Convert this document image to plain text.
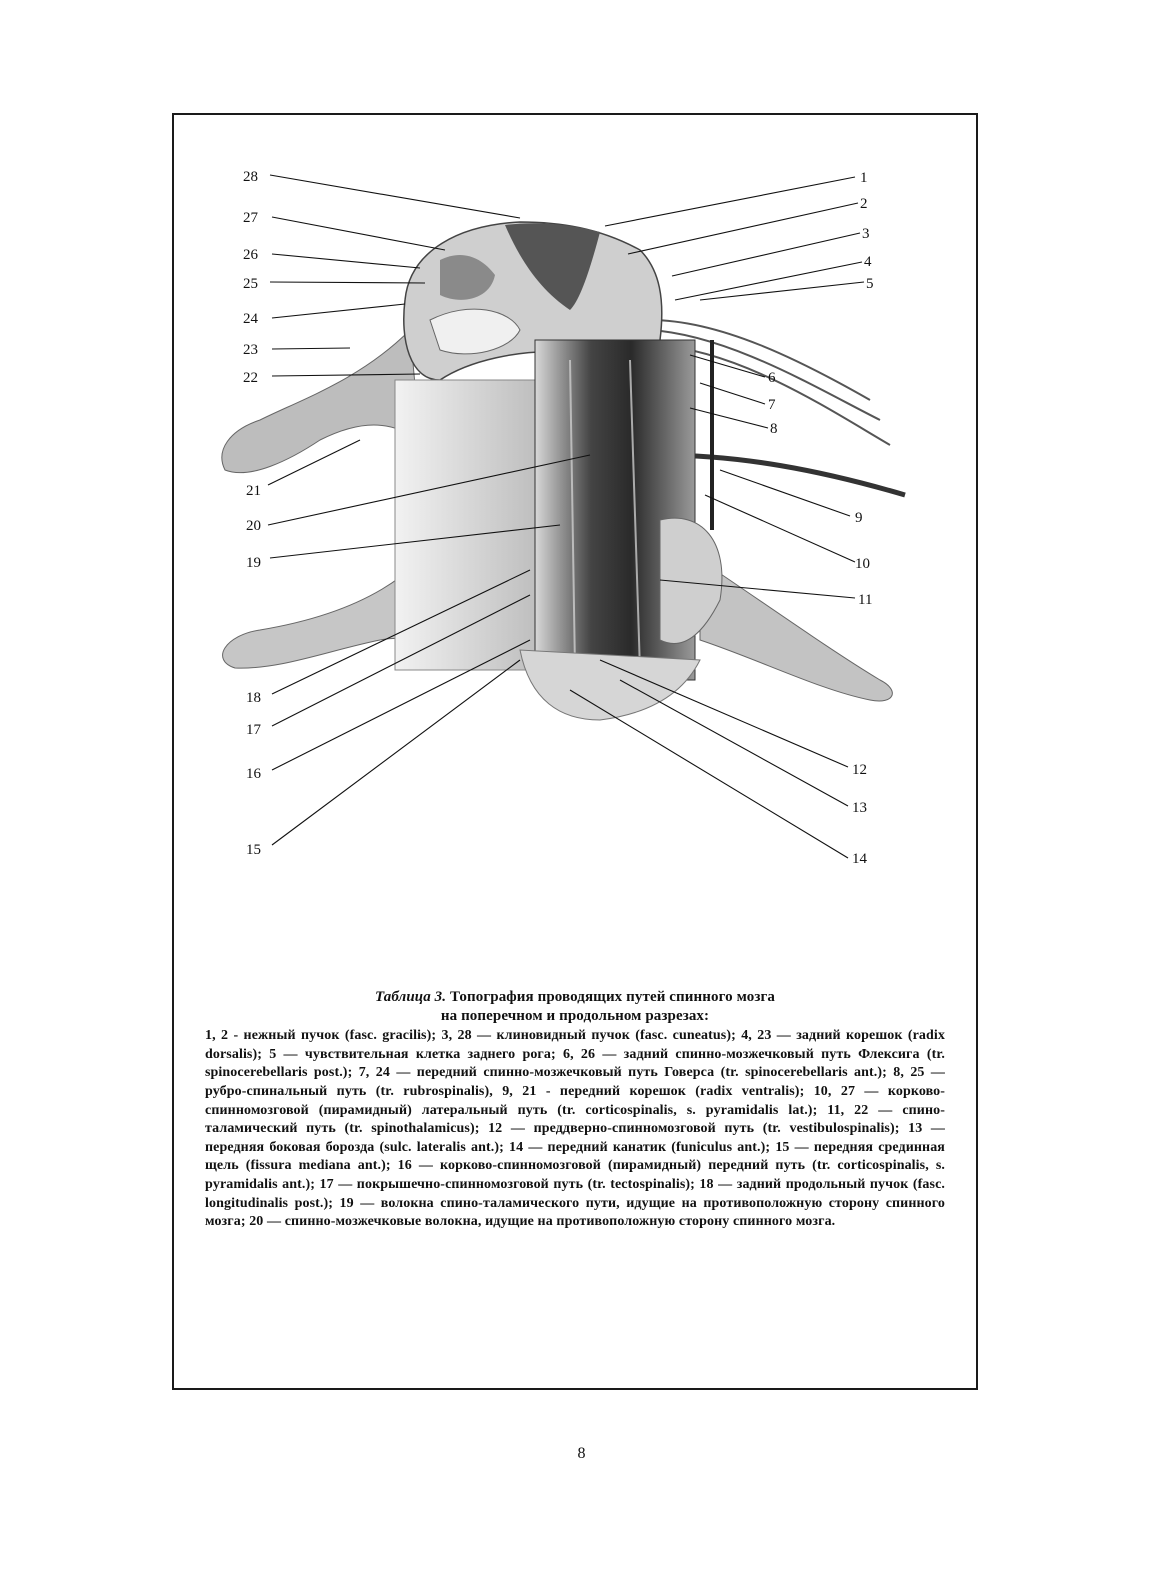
28
27
26
25
24
23
22
21
20
19
18
17
16
15
1
2
3
4
5
6
7
8
9
10
11
12
13
14
Таблица 3. Топография проводящих путей спинного мозга
на поперечном и продольном разрезах:
1, 2 - нежный пучок (fasc. gracilis); 3, 28 — клиновидный пучок (fasc. cuneatus); 4, 23 — задний корешок (radix dorsalis); 5 — чувствительная клетка заднего рога; 6, 26 — задний спинно-мозжечковый путь Флексига (tr. spinocerebellaris post.); 7, 24 — передний спинно-мозжечковый путь Говерса (tr. spinocerebellaris ant.); 8, 25 — рубро-спинальный путь (tr. rubrospinalis), 9, 21 - передний корешок (radix ventralis); 10, 27 — корково-спинномозговой (пирамидный) латеральный путь (tr. corticospinalis, s. pyramidalis lat.); 11, 22 — спино-таламический путь (tr. spinothalamicus); 12 — преддверно-спинномозговой путь (tr. vestibulospinalis); 13 — передняя боковая борозда (sulc. lateralis ant.); 14 — передний канатик (funiculus ant.); 15 — передняя срединная щель (fissura mediana ant.); 16 — корково-спинномозговой (пирамидный) передний путь (tr. corticospinalis, s. pyramidalis ant.); 17 — покрышечно-спинномозговой путь (tr. tectospinalis); 18 — задний продольный пучок (fasc. longitudinalis post.); 19 — волокна спино-таламического пути, идущие на противоположную сторону спинного мозга; 20 — спинно-мозжечковые волокна, идущие на противоположную сторону спинного мозга.
8
